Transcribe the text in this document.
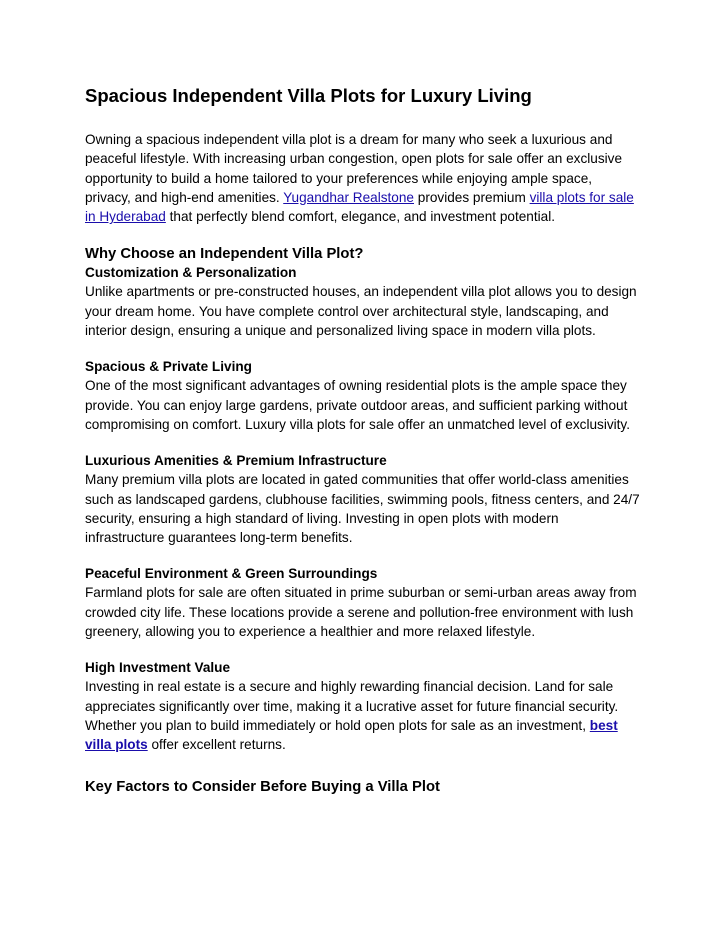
Spacious Independent Villa Plots for Luxury Living

Owning a spacious independent villa plot is a dream for many who seek a luxurious and peaceful lifestyle. With increasing urban congestion, open plots for sale offer an exclusive opportunity to build a home tailored to your preferences while enjoying ample space, privacy, and high-end amenities. Yugandhar Realstone provides premium villa plots for sale in Hyderabad that perfectly blend comfort, elegance, and investment potential.

Why Choose an Independent Villa Plot?
Customization & Personalization

Unlike apartments or pre-constructed houses, an independent villa plot allows you to design your dream home. You have complete control over architectural style, landscaping, and interior design, ensuring a unique and personalized living space in modern villa plots.

Spacious & Private Living

One of the most significant advantages of owning residential plots is the ample space they provide. You can enjoy large gardens, private outdoor areas, and sufficient parking without compromising on comfort. Luxury villa plots for sale offer an unmatched level of exclusivity.

Luxurious Amenities & Premium Infrastructure

Many premium villa plots are located in gated communities that offer world-class amenities such as landscaped gardens, clubhouse facilities, swimming pools, fitness centers, and 24/7 security, ensuring a high standard of living. Investing in open plots with modern infrastructure guarantees long-term benefits.

Peaceful Environment & Green Surroundings

Farmland plots for sale are often situated in prime suburban or semi-urban areas away from crowded city life. These locations provide a serene and pollution-free environment with lush greenery, allowing you to experience a healthier and more relaxed lifestyle.

High Investment Value

Investing in real estate is a secure and highly rewarding financial decision. Land for sale appreciates significantly over time, making it a lucrative asset for future financial security. Whether you plan to build immediately or hold open plots for sale as an investment, best villa plots offer excellent returns.

Key Factors to Consider Before Buying a Villa Plot
